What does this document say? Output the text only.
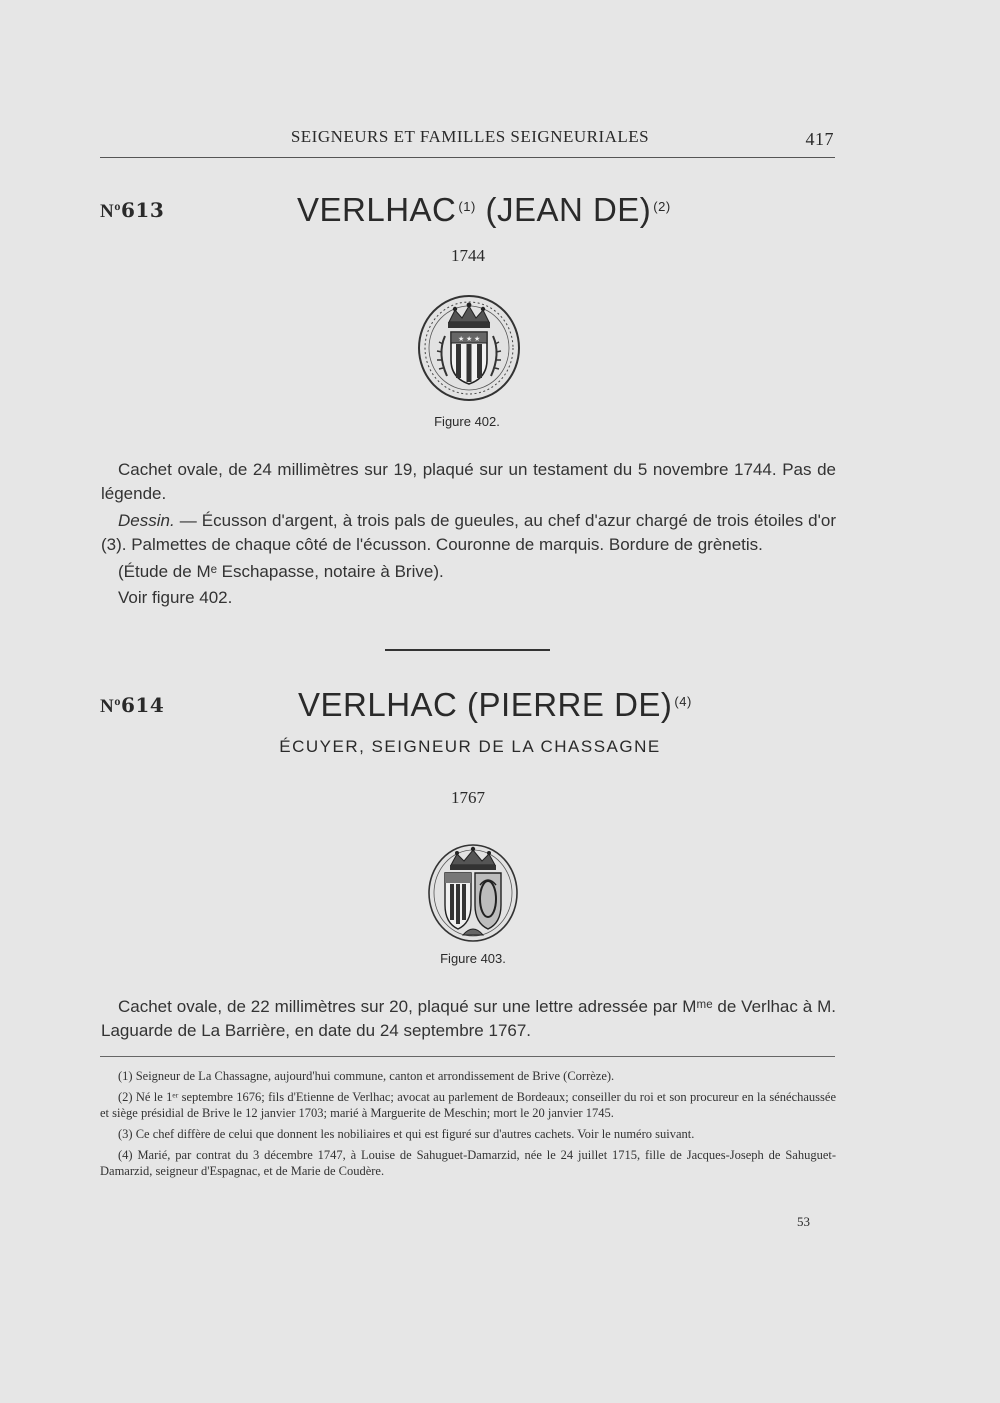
SEIGNEURS ET FAMILLES SEIGNEURIALES	417
Nº613	VERLHAC $^{(1)}$ (JEAN DE) $^{(2)}$
1744
★ ★ ★
Figure 402.

Cachet ovale, de 24 millimètres sur 19, plaqué sur un testament du 5 novembre 1744. Pas de légende.

Dessin. — Écusson d'argent, à trois pals de gueules, au chef d'azur chargé de trois étoiles d'or (3). Palmettes de chaque côté de l'écusson. Couronne de marquis. Bordure de grènetis.

(Étude de Mᵉ Eschapasse, notaire à Brive).

Voir figure 402.

Nº614	VERLHAC (PIERRE DE) $^{(4)}$
ÉCUYER, SEIGNEUR DE LA CHASSAGNE
1767
Figure 403.

Cachet ovale, de 22 millimètres sur 20, plaqué sur une lettre adressée par Mᵐᵉ de Verlhac à M. Laguarde de La Barrière, en date du 24 septembre 1767.

(1) Seigneur de La Chassagne, aujourd'hui commune, canton et arrondissement de Brive (Corrèze).

(2) Né le 1ᵉʳ septembre 1676; fils d'Etienne de Verlhac; avocat au parlement de Bordeaux; conseiller du roi et son procureur en la sénéchaussée et siège présidial de Brive le 12 janvier 1703; marié à Marguerite de Meschin; mort le 20 janvier 1745.

(3) Ce chef diffère de celui que donnent les nobiliaires et qui est figuré sur d'autres cachets. Voir le numéro suivant.

(4) Marié, par contrat du 3 décembre 1747, à Louise de Sahuguet-Damarzid, née le 24 juillet 1715, fille de Jacques-Joseph de Sahuguet-Damarzid, seigneur d'Espagnac, et de Marie de Coudère.

53
